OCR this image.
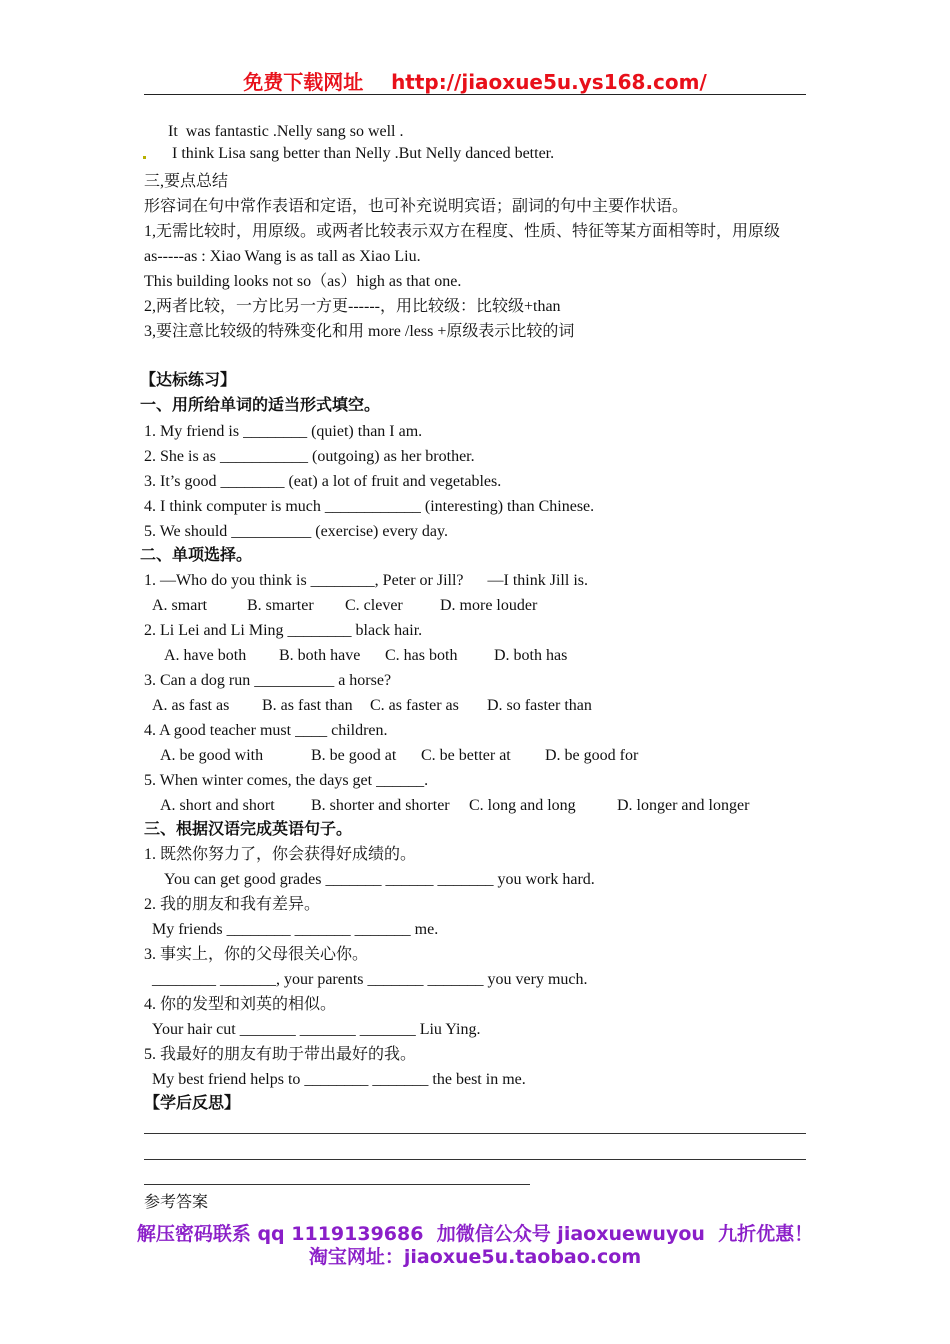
免费下载网址 http://jiaoxue5u.ys168.com/
It  was fantastic .Nelly sang so well .
I think Lisa sang better than Nelly .But Nelly danced better.
三,要点总结
形容词在句中常作表语和定语，也可补充说明宾语；副词的句中主要作状语。
1,无需比较时，用原级。或两者比较表示双方在程度、性质、特征等某方面相等时，用原级
as-----as : Xiao Wang is as tall as Xiao Liu.
This building looks not so（as）high as that one.
2,两者比较，一方比另一方更------，用比较级：比较级+than
3,要注意比较级的特殊变化和用 more /less +原级表示比较的词
【达标练习】
一、用所给单词的适当形式填空。
1. My friend is ________ (quiet) than I am.
2. She is as ___________ (outgoing) as her brother.
3. It’s good ________ (eat) a lot of fruit and vegetables.
4. I think computer is much ____________ (interesting) than Chinese.
5. We should __________ (exercise) every day.
二、单项选择。
1. —Who do you think is ________, Peter or Jill?      —I think Jill is.
A. smart B. smarter C. clever D. more louder
2. Li Lei and Li Ming ________ black hair.
A. have both B. both have C. has both D. both has
3. Can a dog run __________ a horse?
A. as fast as B. as fast than C. as faster as D. so faster than
4. A good teacher must ____ children.
A. be good with	B. be good at C. be better at D. be good for
5. When winter comes, the days get ______.
A. short and short B. shorter and shorter C. long and long	D. longer and longer
三、根据汉语完成英语句子。
1. 既然你努力了，你会获得好成绩的。
You can get good grades _______ ______ _______ you work hard.
2. 我的朋友和我有差异。
My friends ________ _______ _______ me.
3. 事实上，你的父母很关心你。
________ _______, your parents _______ _______ you very much.
4. 你的发型和刘英的相似。
Your hair cut _______ _______ _______ Liu Ying.
5. 我最好的朋友有助于带出最好的我。
My best friend helps to ________ _______ the best in me.
【学后反思】
参考答案
解压密码联系 qq 1119139686  加微信公众号 jiaoxuewuyou  九折优惠！
淘宝网址：jiaoxue5u.taobao.com
